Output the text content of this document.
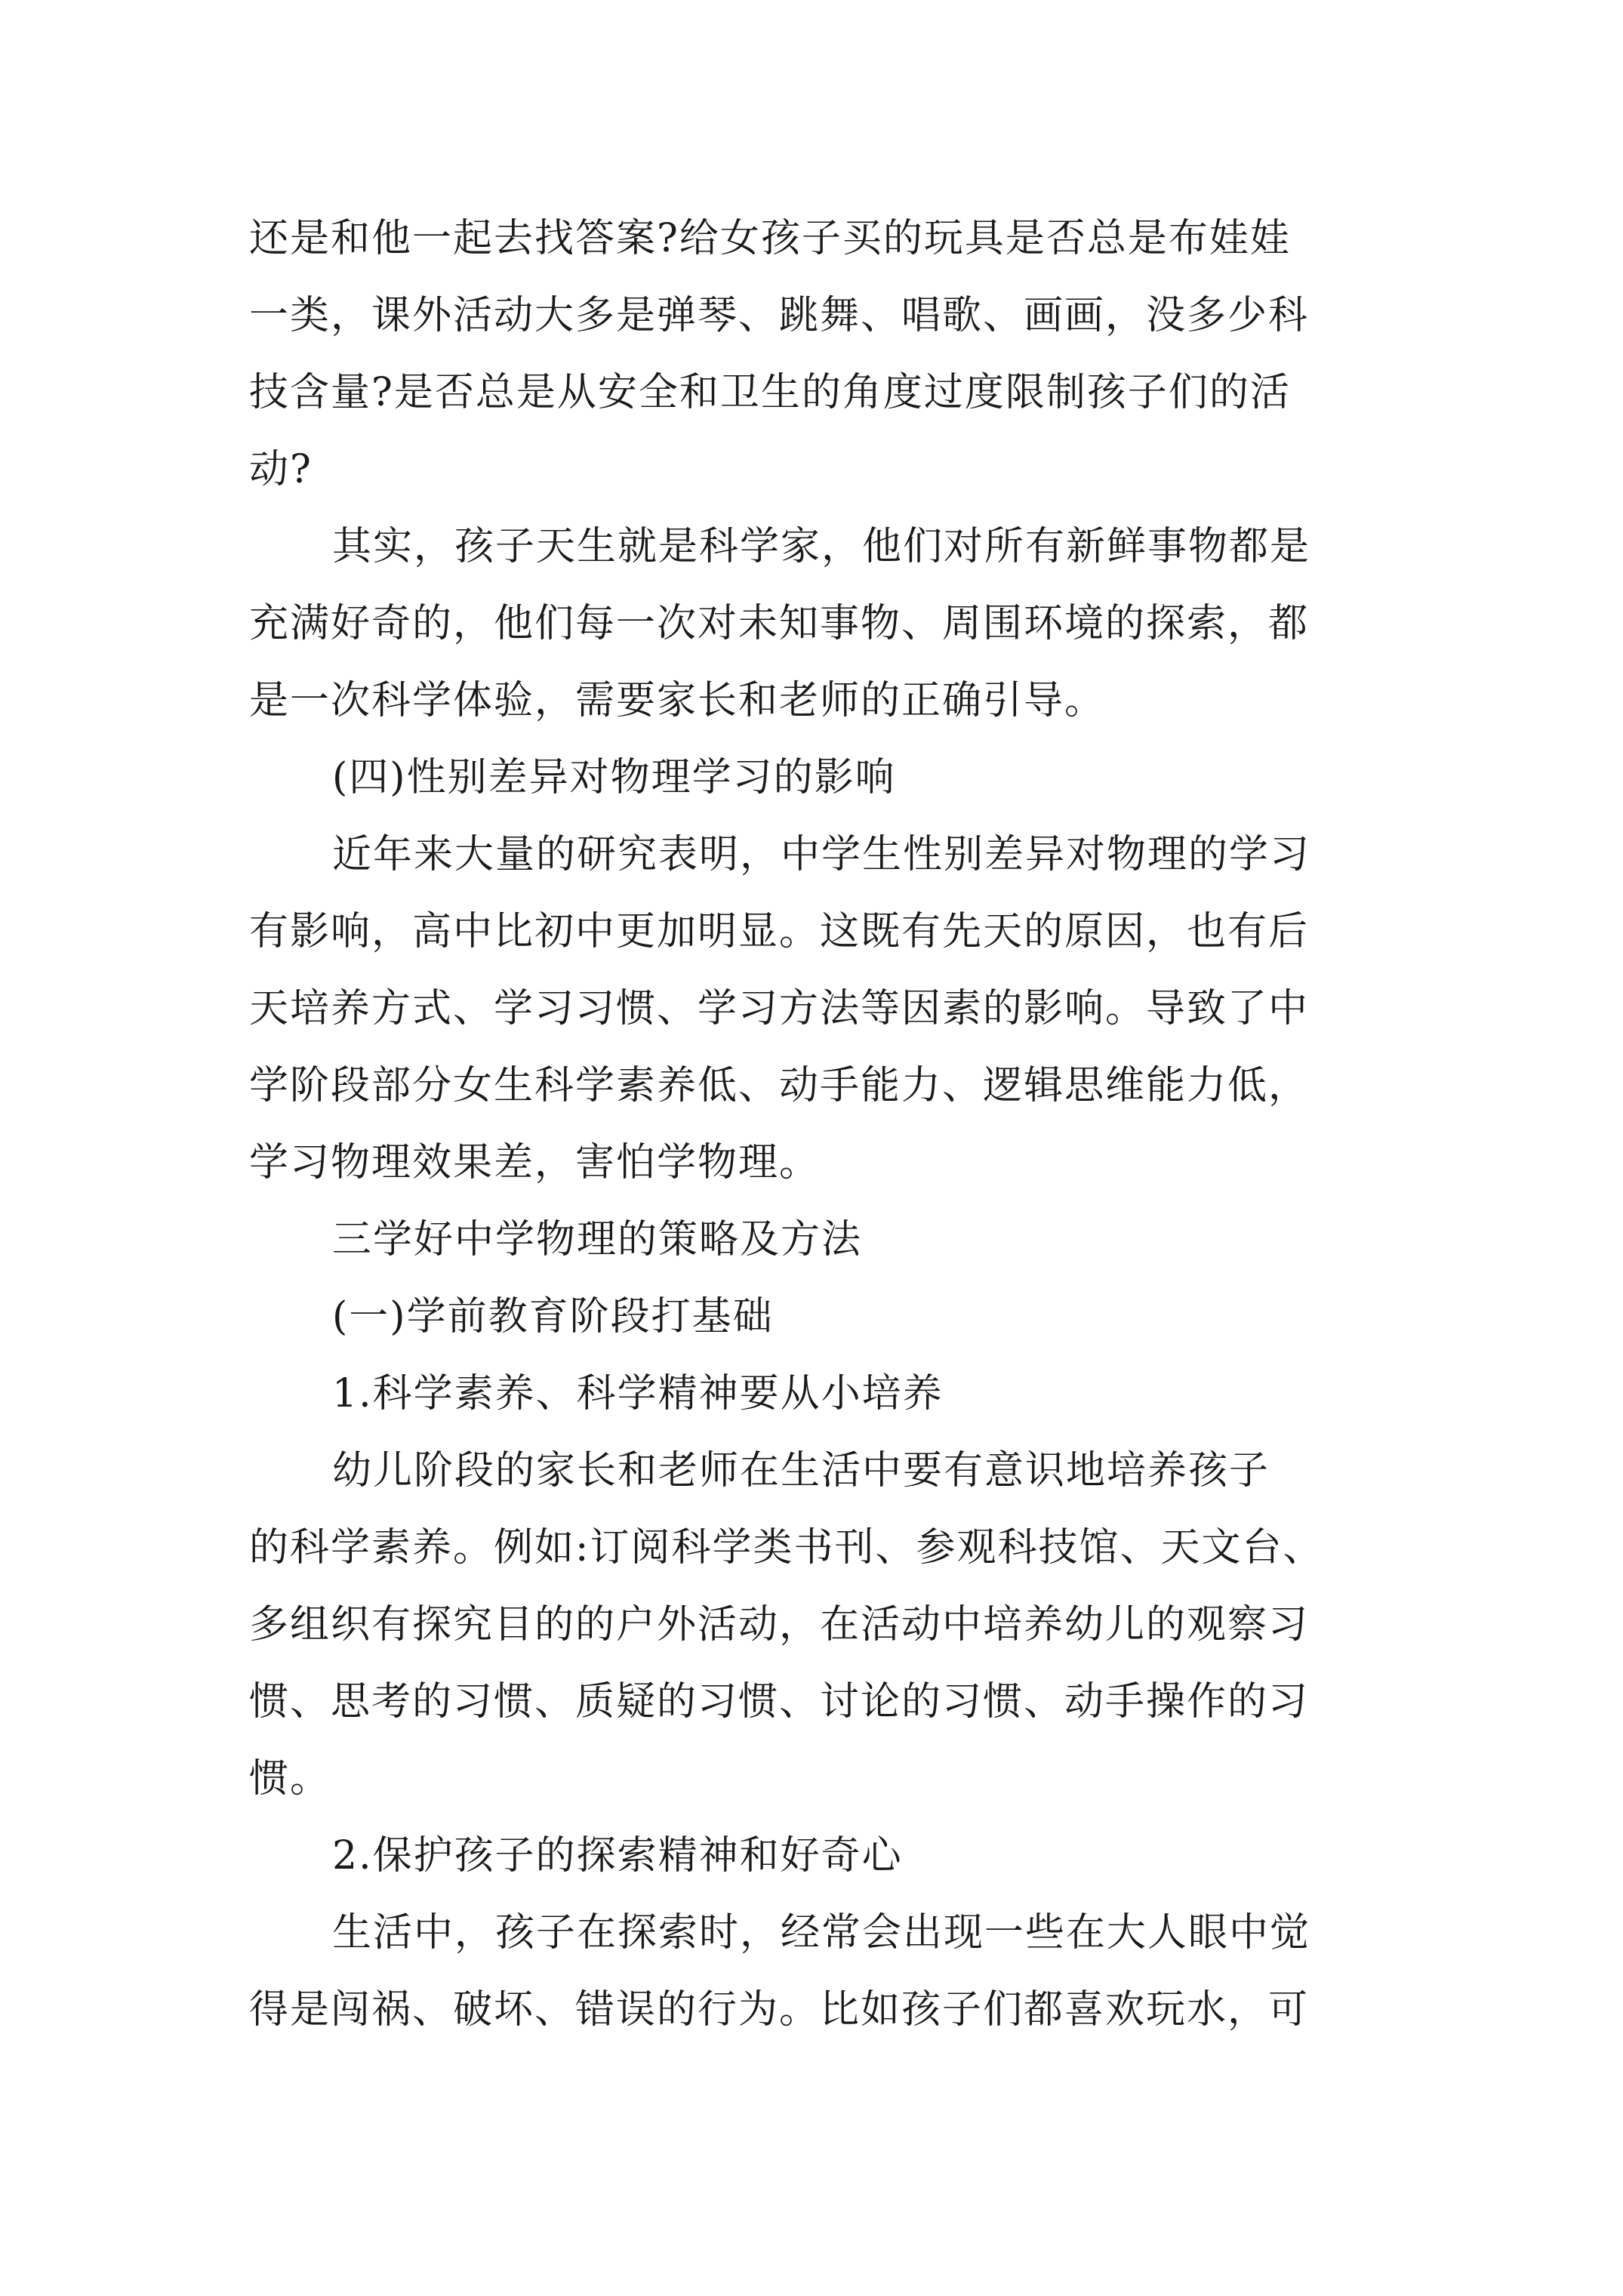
还是和他一起去找答案?给女孩子买的玩具是否总是布娃娃

一类，课外活动大多是弹琴、跳舞、唱歌、画画，没多少科

技含量?是否总是从安全和卫生的角度过度限制孩子们的活

动?

其实，孩子天生就是科学家，他们对所有新鲜事物都是

充满好奇的，他们每一次对未知事物、周围环境的探索，都

是一次科学体验，需要家长和老师的正确引导。

(四)性别差异对物理学习的影响

近年来大量的研究表明，中学生性别差异对物理的学习

有影响，高中比初中更加明显。这既有先天的原因，也有后

天培养方式、学习习惯、学习方法等因素的影响。导致了中

学阶段部分女生科学素养低、动手能力、逻辑思维能力低，

学习物理效果差，害怕学物理。

三学好中学物理的策略及方法

(一)学前教育阶段打基础

1.科学素养、科学精神要从小培养

幼儿阶段的家长和老师在生活中要有意识地培养孩子

的科学素养。例如:订阅科学类书刊、参观科技馆、天文台、

多组织有探究目的的户外活动，在活动中培养幼儿的观察习

惯、思考的习惯、质疑的习惯、讨论的习惯、动手操作的习

惯。

2.保护孩子的探索精神和好奇心

生活中，孩子在探索时，经常会出现一些在大人眼中觉

得是闯祸、破坏、错误的行为。比如孩子们都喜欢玩水，可
